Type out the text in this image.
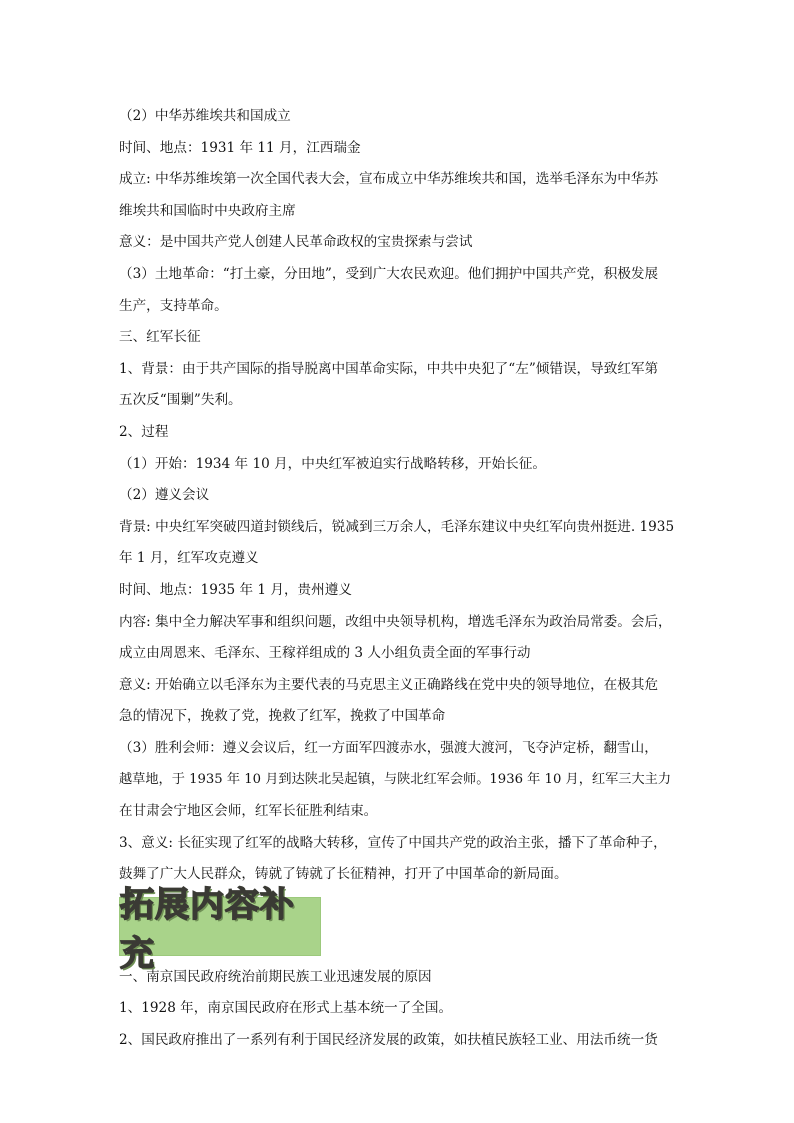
（2）中华苏维埃共和国成立
时间、地点：1931 年 11 月，江西瑞金
成立: 中华苏维埃第一次全国代表大会，宣布成立中华苏维埃共和国，选举毛泽东为中华苏
维埃共和国临时中央政府主席
意义：是中国共产党人创建人民革命政权的宝贵探索与尝试
（3）土地革命：“打土豪，分田地”，受到广大农民欢迎。他们拥护中国共产党，积极发展
生产，支持革命。
三、红军长征
1、背景：由于共产国际的指导脱离中国革命实际，中共中央犯了“左”倾错误，导致红军第
五次反“围剿”失利。
2、过程
（1）开始：1934 年 10 月，中央红军被迫实行战略转移，开始长征。
（2）遵义会议
背景: 中央红军突破四道封锁线后，锐减到三万余人，毛泽东建议中央红军向贵州挺进. 1935
年 1 月，红军攻克遵义
时间、地点：1935 年 1 月，贵州遵义
内容: 集中全力解决军事和组织问题，改组中央领导机构，增选毛泽东为政治局常委。会后，
成立由周恩来、毛泽东、王稼祥组成的 3 人小组负责全面的军事行动
意义: 开始确立以毛泽东为主要代表的马克思主义正确路线在党中央的领导地位，在极其危
急的情况下，挽救了党，挽救了红军，挽救了中国革命
（3）胜利会师：遵义会议后，红一方面军四渡赤水，强渡大渡河，飞夺泸定桥，翻雪山，
越草地，于 1935 年 10 月到达陕北吴起镇，与陕北红军会师。1936 年 10 月，红军三大主力
在甘肃会宁地区会师，红军长征胜利结束。
3、意义: 长征实现了红军的战略大转移，宣传了中国共产党的政治主张，播下了革命种子，
鼓舞了广大人民群众，铸就了铸就了长征精神，打开了中国革命的新局面。
拓展内容补充
一、南京国民政府统治前期民族工业迅速发展的原因
1、1928 年，南京国民政府在形式上基本统一了全国。
2、国民政府推出了一系列有利于国民经济发展的政策，如扶植民族轻工业、用法币统一货
